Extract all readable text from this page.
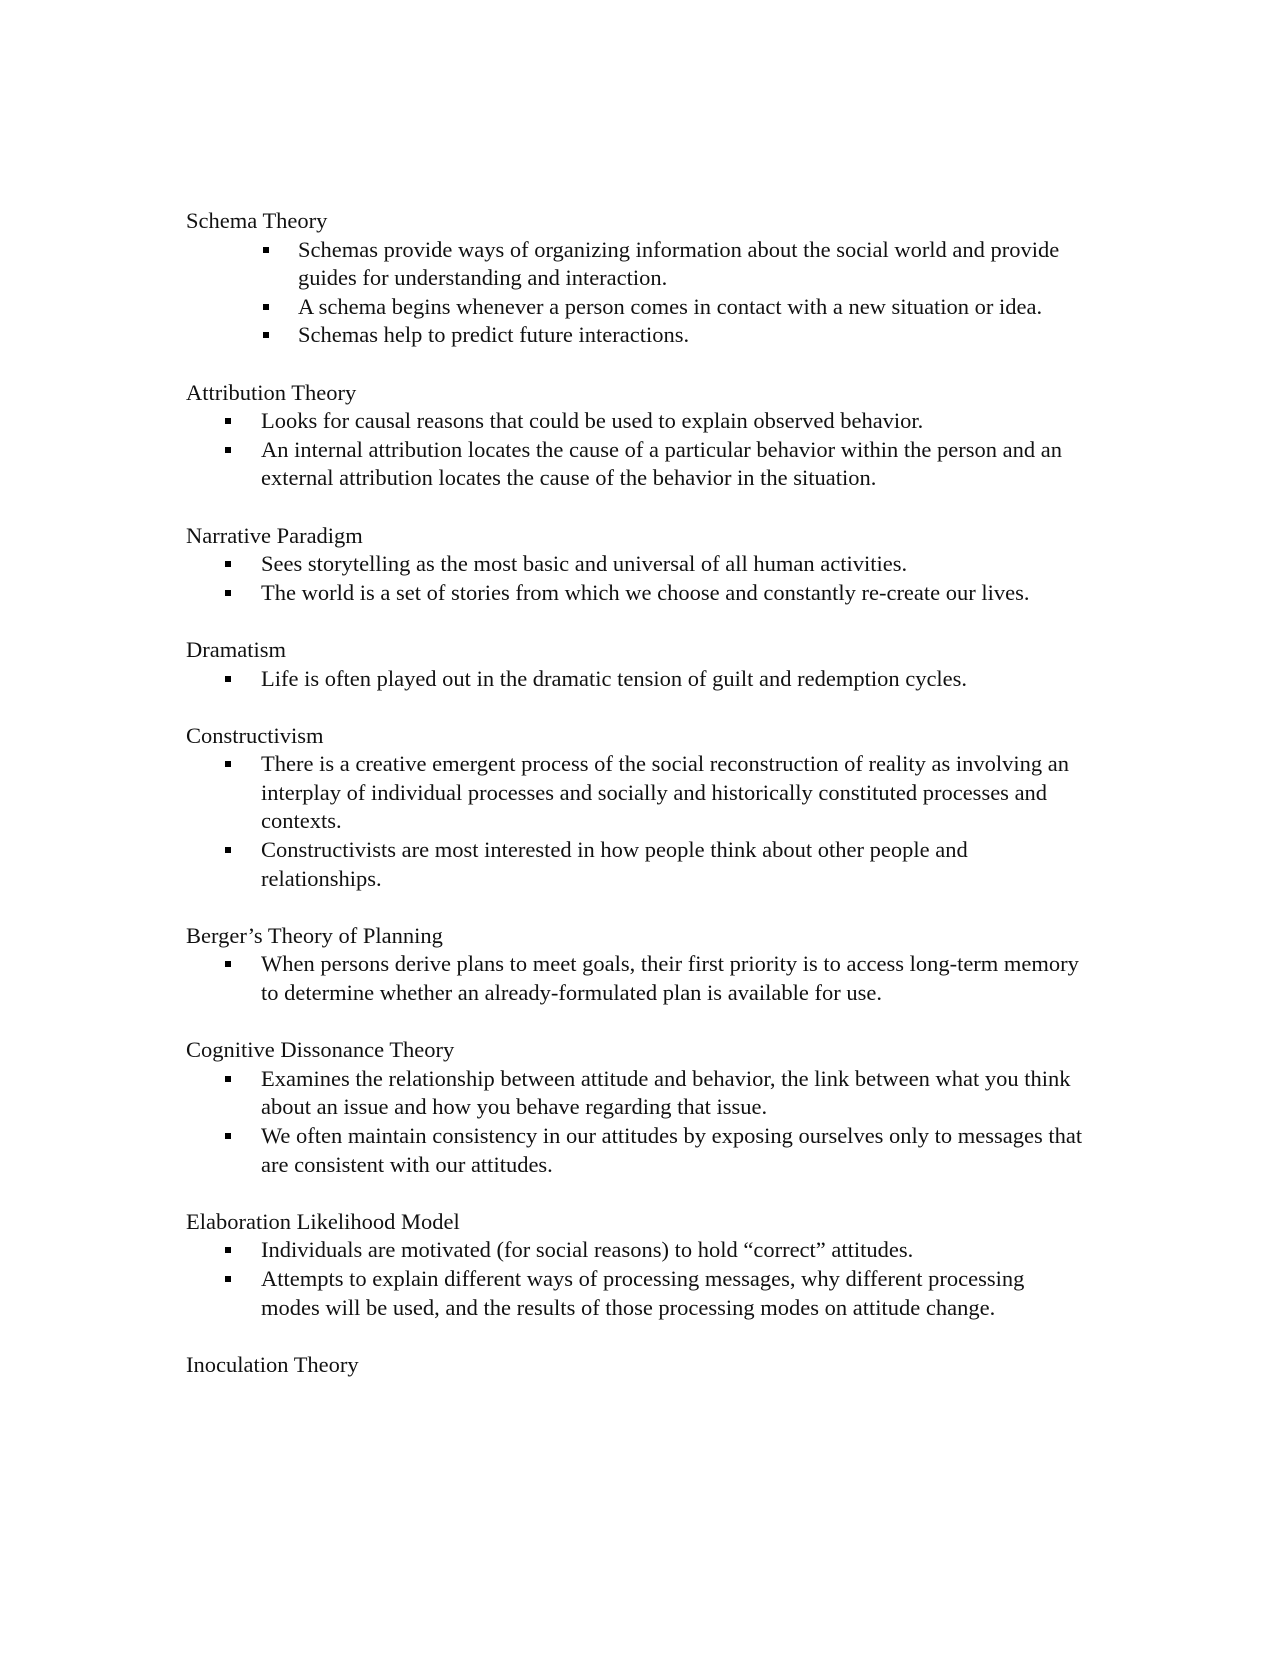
Schema Theory

Schemas provide ways of organizing information about the social world and provide guides for understanding and interaction.
A schema begins whenever a person comes in contact with a new situation or idea.
Schemas help to predict future interactions.

Attribution Theory

Looks for causal reasons that could be used to explain observed behavior.
An internal attribution locates the cause of a particular behavior within the person and an external attribution locates the cause of the behavior in the situation.

Narrative Paradigm

Sees storytelling as the most basic and universal of all human activities.
The world is a set of stories from which we choose and constantly re-create our lives.

Dramatism

Life is often played out in the dramatic tension of guilt and redemption cycles.

Constructivism

There is a creative emergent process of the social reconstruction of reality as involving an interplay of individual processes and socially and historically constituted processes and contexts.
Constructivists are most interested in how people think about other people and relationships.

Berger’s Theory of Planning

When persons derive plans to meet goals, their first priority is to access long-term memory to determine whether an already-formulated plan is available for use.

Cognitive Dissonance Theory

Examines the relationship between attitude and behavior, the link between what you think about an issue and how you behave regarding that issue.
We often maintain consistency in our attitudes by exposing ourselves only to messages that are consistent with our attitudes.

Elaboration Likelihood Model

Individuals are motivated (for social reasons) to hold “correct” attitudes.
Attempts to explain different ways of processing messages, why different processing modes will be used, and the results of those processing modes on attitude change.

Inoculation Theory
